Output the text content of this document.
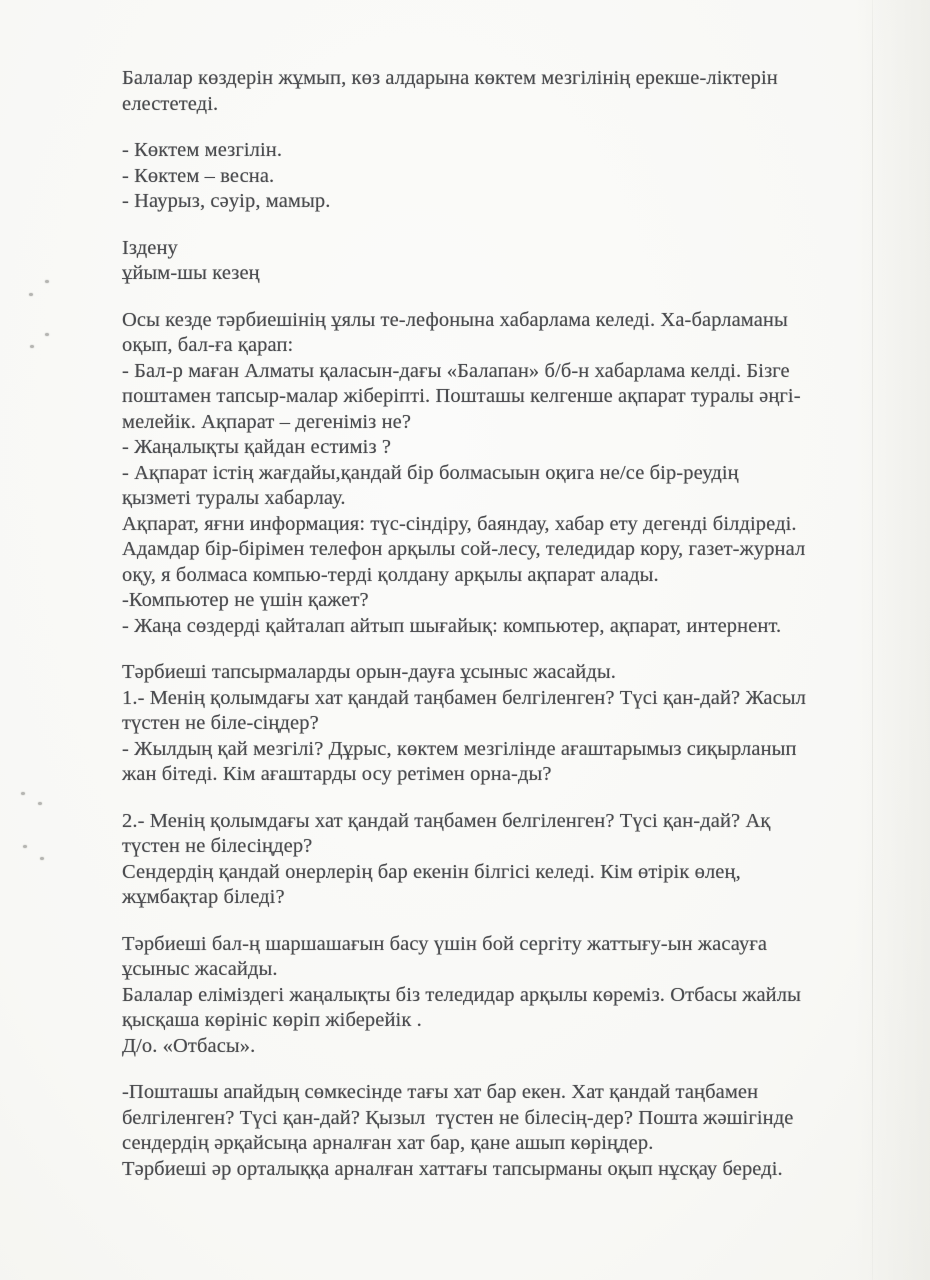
Балалар көздерін жұмып, көз алдарына көктем мезгілінің ерекше-ліктерін
елестетеді.

- Көктем мезгілін.
- Көктем – весна.
- Наурыз, сәуір, мамыр.

Іздену
ұйым-шы кезең

Осы кезде тәрбиешінің ұялы те-лефонына хабарлама келеді. Ха-барламаны
оқып, бал-ға қарап:
- Бал-р маған Алматы қаласын-дағы «Балапан» б/б-н хабарлама келді. Бізге
поштамен тапсыр-малар жіберіпті. Пошташы келгенше ақпарат туралы әңгі-
мелейік. Ақпарат – дегеніміз не?
- Жаңалықты қайдан естиміз ?
- Ақпарат істің жағдайы,қандай бір болмасыын оқига не/се бір-реудің
қызметі туралы хабарлау.
Ақпарат, яғни информация: түс-сіндіру, баяндау, хабар ету дегенді білдіреді.
Адамдар бір-бірімен телефон арқылы сой-лесу, теледидар кору, газет-журнал
оқу, я болмаса компью-терді қолдану арқылы ақпарат алады.
-Компьютер не үшін қажет?
- Жаңа сөздерді қайталап айтып шығайық: компьютер, ақпарат, интернент.

Тәрбиеші тапсырмаларды орын-дауға ұсыныс жасайды.
1.- Менің қолымдағы хат қандай таңбамен белгіленген? Түсі қан-дай? Жасыл
түстен не біле-сіңдер?
- Жылдың қай мезгілі? Дұрыс, көктем мезгілінде ағаштарымыз сиқырланып
жан бітеді. Кім ағаштарды осу ретімен орна-ды?

2.- Менің қолымдағы хат қандай таңбамен белгіленген? Түсі қан-дай? Ақ
түстен не білесіңдер?
Сендердің қандай онерлерің бар екенін білгісі келеді. Кім өтірік өлең,
жұмбақтар біледі?

Тәрбиеші бал-ң шаршашағын басу үшін бой сергіту жаттығу-ын жасауға
ұсыныс жасайды.
Балалар еліміздегі жаңалықты біз теледидар арқылы көреміз. Отбасы жайлы
қысқаша көрініс көріп жіберейік .
Д/о. «Отбасы».

-Пошташы апайдың сөмкесінде тағы хат бар екен. Хат қандай таңбамен
белгіленген? Түсі қан-дай? Қызыл  түстен не білесің-дер? Пошта жәшігінде
сендердің әрқайсыңа арналған хат бар, қане ашып көріңдер.
Тәрбиеші әр орталыққа арналған хаттағы тапсырманы оқып нұсқау береді.
